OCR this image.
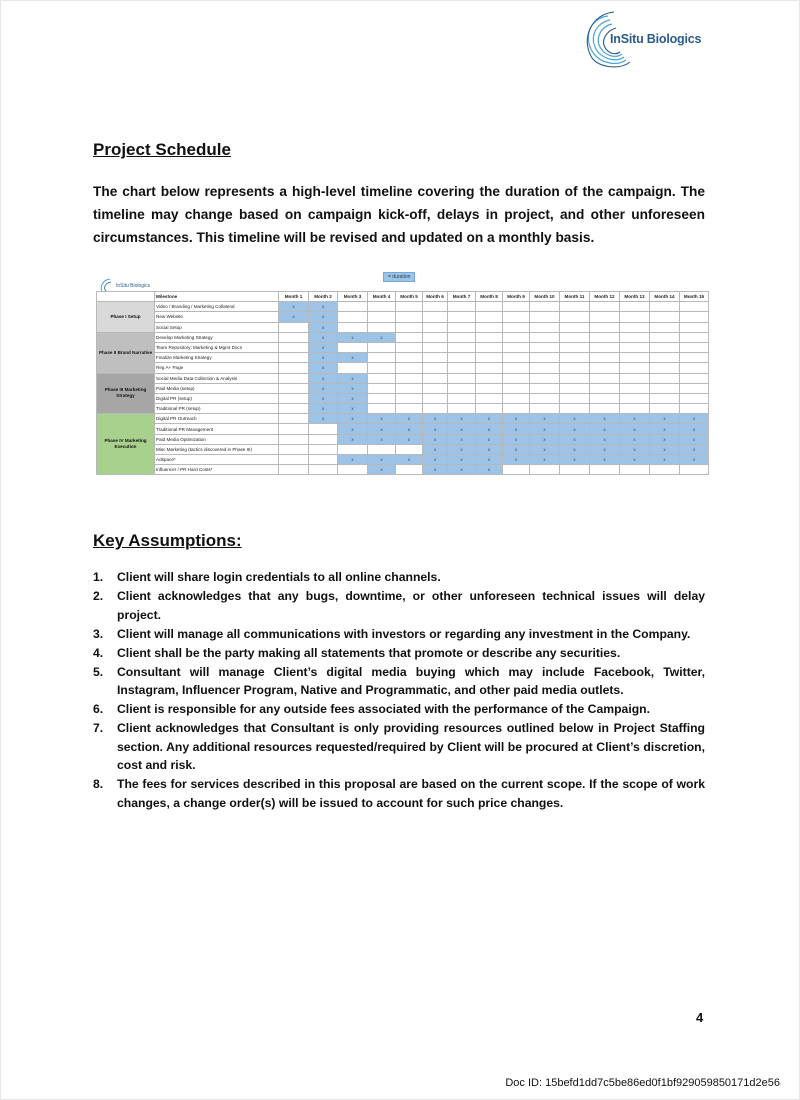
InSitu Biologics
Project Schedule

The chart below represents a high-level timeline covering the duration of the campaign. The timeline may change based on campaign kick-off, delays in project, and other unforeseen circumstances. This timeline will be revised and updated on a monthly basis.

InSitu Biologics
= duration
	Milestone	Month 1	Month 2	Month 3	Month 4	Month 5	Month 6	Month 7	Month 8	Month 9	Month 10	Month 11	Month 12	Month 13	Month 14	Month 15
Phase I Setup	Video / Branding / Marketing Collateral	x	x													
	New Website	x	x													
	Social Setup		x													
Phase II Brand Narrative	Develop Marketing Strategy		x	x	x											
	Team Repository: Marketing & Mgmt Docs		x													
	Finalize Marketing Strategy		x	x												
	Reg A+ Page		x													
Phase III Marketing Strategy	Social Media Data Collection & Analysis		x	x												
	Paid Media (setup)		x	x												
	Digital PR (setup)		x	x												
	Traditional PR (setup)		x	x												
Phase IV Marketing Execution	Digital PR Outreach		x	x	x	x	x	x	x	x	x	x	x	x	x	x
	Traditional PR Management			x	x	x	x	x	x	x	x	x	x	x	x	x
	Paid Media Optimization			x	x	x	x	x	x	x	x	x	x	x	x	x
	Misc Marketing (tactics discovered in Phase III)						x	x	x	x	x	x	x	x	x	x
	Adspace*			x	x	x	x	x	x	x	x	x	x	x	x	x
	Influencer / PR Hard Costs*				x		x	x	x							
Key Assumptions:
1. Client will share login credentials to all online channels.
2. Client acknowledges that any bugs, downtime, or other unforeseen technical issues will delay project.
3. Client will manage all communications with investors or regarding any investment in the Company.
4. Client shall be the party making all statements that promote or describe any securities.
5. Consultant will manage Client’s digital media buying which may include Facebook, Twitter, Instagram, Influencer Program, Native and Programmatic, and other paid media outlets.
6. Client is responsible for any outside fees associated with the performance of the Campaign.
7. Client acknowledges that Consultant is only providing resources outlined below in Project Staffing section. Any additional resources requested/required by Client will be procured at Client’s discretion, cost and risk.
8. The fees for services described in this proposal are based on the current scope. If the scope of work changes, a change order(s) will be issued to account for such price changes.
4
Doc ID: 15befd1dd7c5be86ed0f1bf929059850171d2e56
